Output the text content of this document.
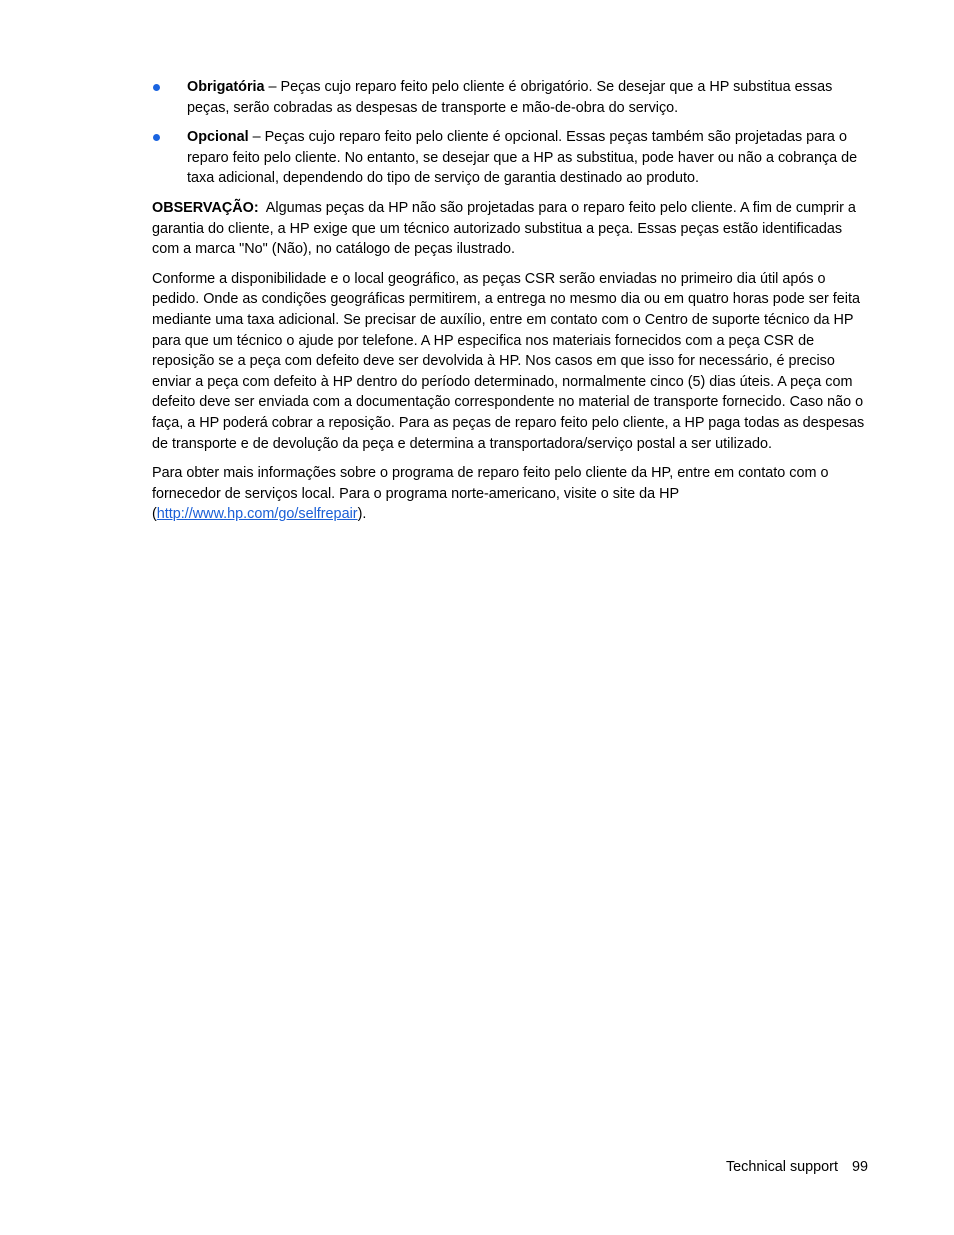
Obrigatória – Peças cujo reparo feito pelo cliente é obrigatório. Se desejar que a HP substitua essas peças, serão cobradas as despesas de transporte e mão-de-obra do serviço.
Opcional – Peças cujo reparo feito pelo cliente é opcional. Essas peças também são projetadas para o reparo feito pelo cliente. No entanto, se desejar que a HP as substitua, pode haver ou não a cobrança de taxa adicional, dependendo do tipo de serviço de garantia destinado ao produto.

OBSERVAÇÃO:  Algumas peças da HP não são projetadas para o reparo feito pelo cliente. A fim de cumprir a garantia do cliente, a HP exige que um técnico autorizado substitua a peça. Essas peças estão identificadas com a marca "No" (Não), no catálogo de peças ilustrado.

Conforme a disponibilidade e o local geográfico, as peças CSR serão enviadas no primeiro dia útil após o pedido. Onde as condições geográficas permitirem, a entrega no mesmo dia ou em quatro horas pode ser feita mediante uma taxa adicional. Se precisar de auxílio, entre em contato com o Centro de suporte técnico da HP para que um técnico o ajude por telefone. A HP especifica nos materiais fornecidos com a peça CSR de reposição se a peça com defeito deve ser devolvida à HP. Nos casos em que isso for necessário, é preciso enviar a peça com defeito à HP dentro do período determinado, normalmente cinco (5) dias úteis. A peça com defeito deve ser enviada com a documentação correspondente no material de transporte fornecido. Caso não o faça, a HP poderá cobrar a reposição. Para as peças de reparo feito pelo cliente, a HP paga todas as despesas de transporte e de devolução da peça e determina a transportadora/serviço postal a ser utilizado.

Para obter mais informações sobre o programa de reparo feito pelo cliente da HP, entre em contato com o fornecedor de serviços local. Para o programa norte-americano, visite o site da HP (http://www.hp.com/go/selfrepair).

Technical support 99
